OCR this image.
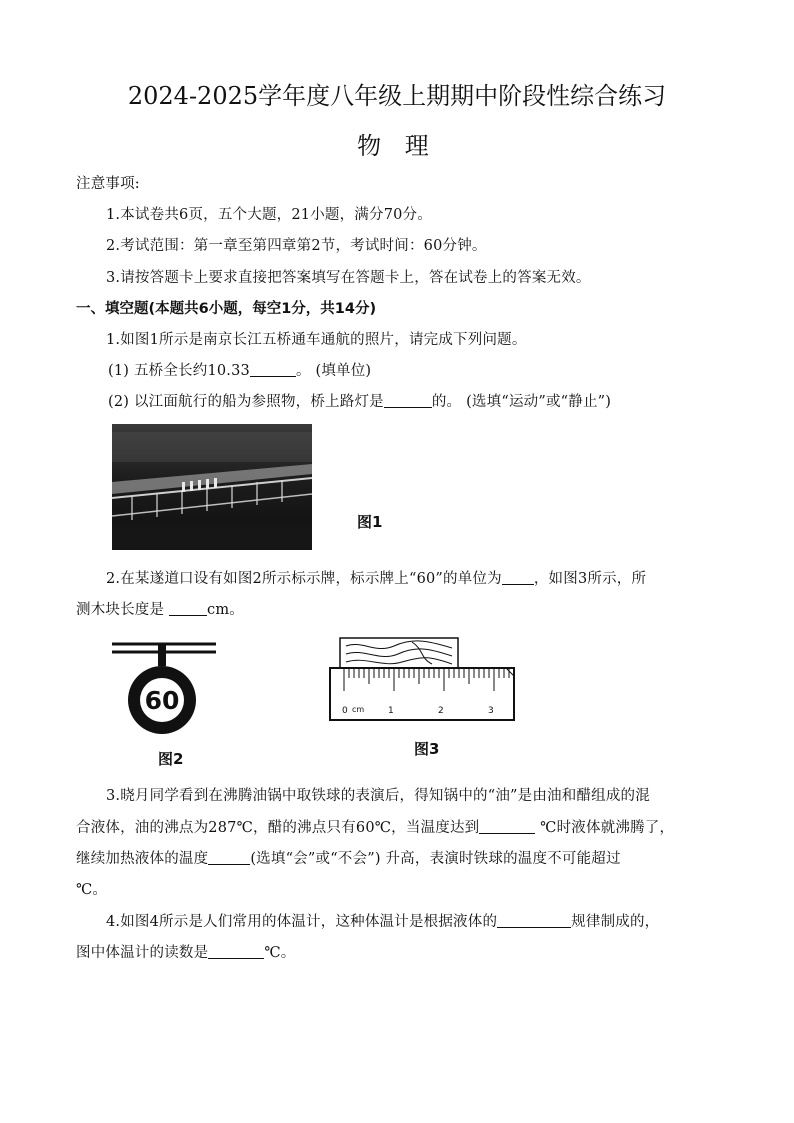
2024-2025学年度八年级上期期中阶段性综合练习
物 理
注意事项:
1.本试卷共6页，五个大题，21小题，满分70分。
2.考试范围：第一章至第四章第2节，考试时间：60分钟。
3.请按答题卡上要求直接把答案填写在答题卡上，答在试卷上的答案无效。
一、填空题(本题共6小题，每空1分，共14分)
1.如图1所示是南京长江五桥通车通航的照片，请完成下列问题。
(1) 五桥全长约10.33	。 (填单位)
(2) 以江面航行的船为参照物，桥上路灯是	的。 (选填“运动”或“静止”)
图1
2.在某遂道口设有如图2所示标示牌，标示牌上“60”的单位为 ，如图3所示，所
测木块长度是	cm。
60
图2
0 cm	1	2	3
图3
3.晓月同学看到在沸腾油锅中取铁球的表演后，得知锅中的“油”是由油和醋组成的混
合液体，油的沸点为287℃，醋的沸点只有60℃，当温度达到	℃时液体就沸腾了，
继续加热液体的温度	(选填“会”或“不会”) 升高，表演时铁球的温度不可能超过
℃。
4.如图4所示是人们常用的体温计，这种体温计是根据液体的	规律制成的，
图中体温计的读数是	℃。
